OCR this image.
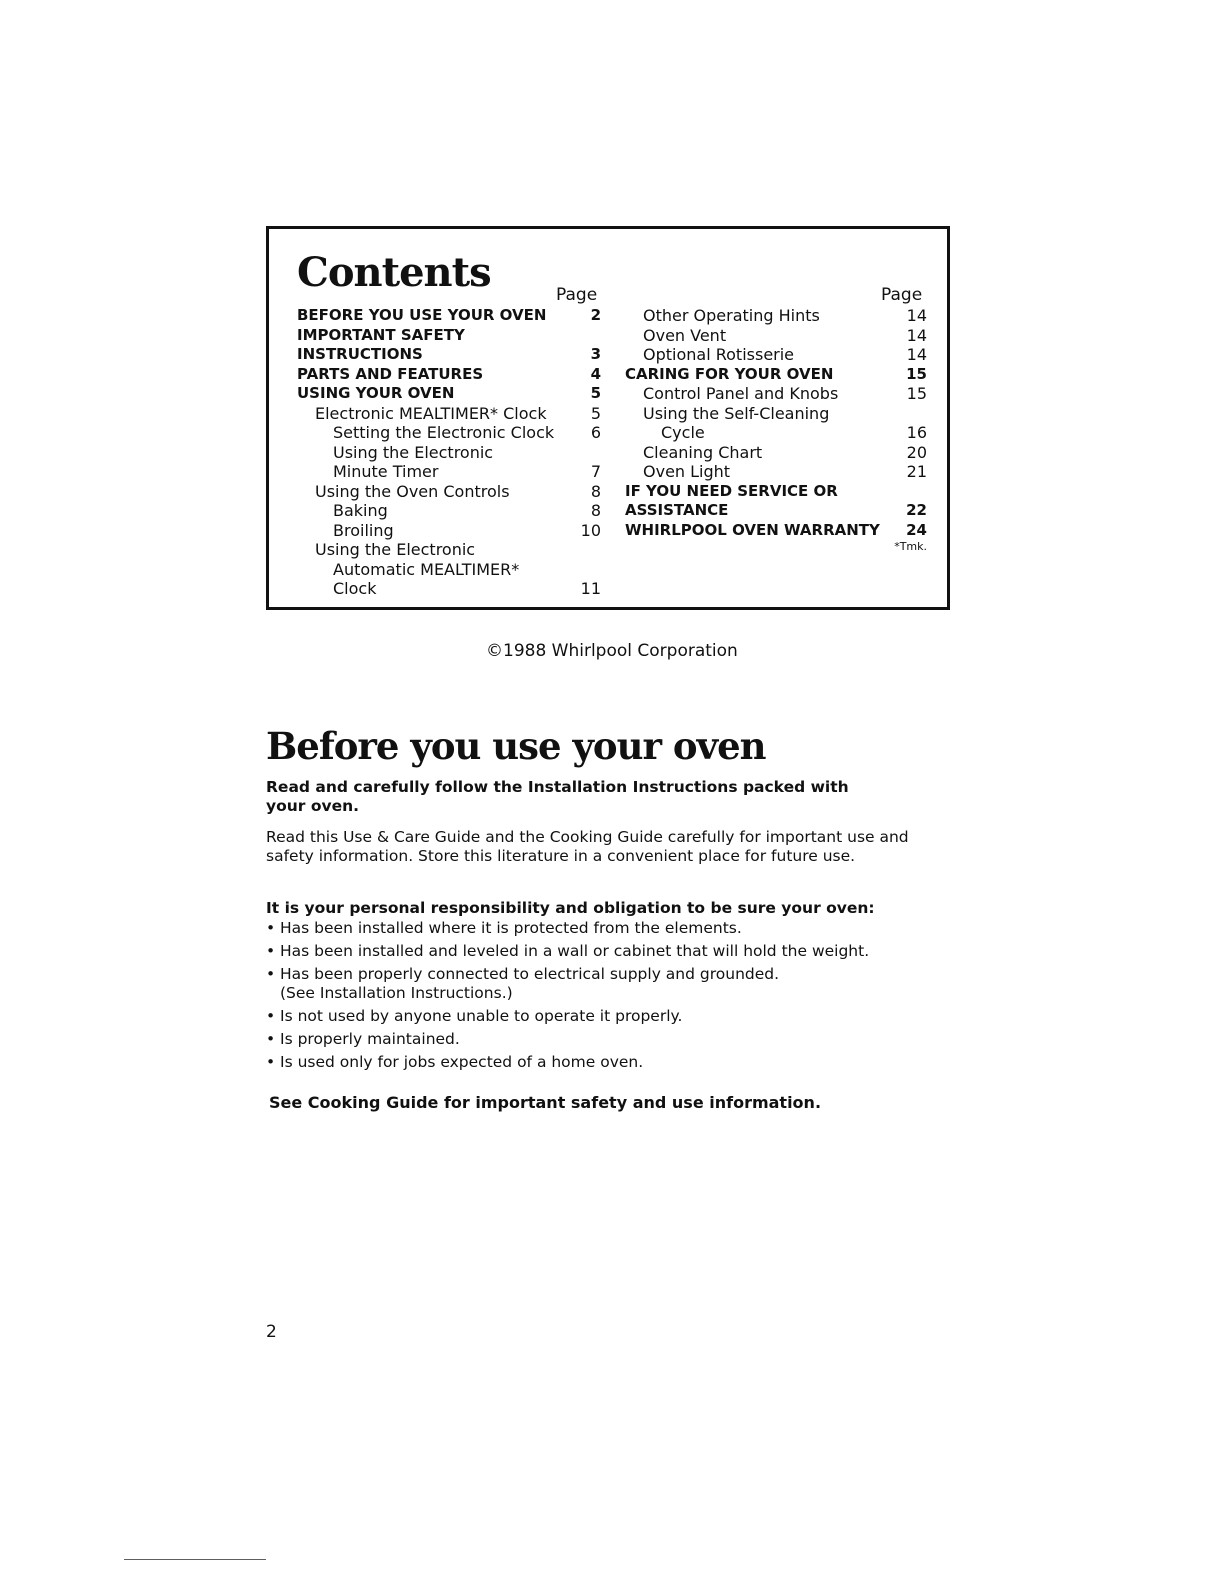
Contents	Page	Page
BEFORE YOU USE YOUR OVEN	2
IMPORTANT SAFETY
INSTRUCTIONS	3
PARTS AND FEATURES	4
USING YOUR OVEN	5
Electronic MEALTIMER* Clock	5
Setting the Electronic Clock 6
Using the Electronic
Minute Timer	7
Using the Oven Controls	8
Baking	8
Broiling	10
Using the Electronic
Automatic MEALTIMER*
Clock	11
Other Operating Hints	14
Oven Vent	14
Optional Rotisserie	14
CARING FOR YOUR OVEN	15
Control Panel and Knobs	15
Using the Self-Cleaning
Cycle	16
Cleaning Chart	20
Oven Light	21
IF YOU NEED SERVICE OR
ASSISTANCE	22
WHIRLPOOL OVEN WARRANTY 24
*Tmk.
©1988 Whirlpool Corporation
Before you use your oven
Read and carefully follow the Installation Instructions packed with your oven.
Read this Use & Care Guide and the Cooking Guide carefully for important use and safety information. Store this literature in a convenient place for future use.
It is your personal responsibility and obligation to be sure your oven:
• Has been installed where it is protected from the elements.
• Has been installed and leveled in a wall or cabinet that will hold the weight.
• Has been properly connected to electrical supply and grounded.
(See Installation Instructions.)
• Is not used by anyone unable to operate it properly.
• Is properly maintained.
• Is used only for jobs expected of a home oven.
See Cooking Guide for important safety and use information.
2
